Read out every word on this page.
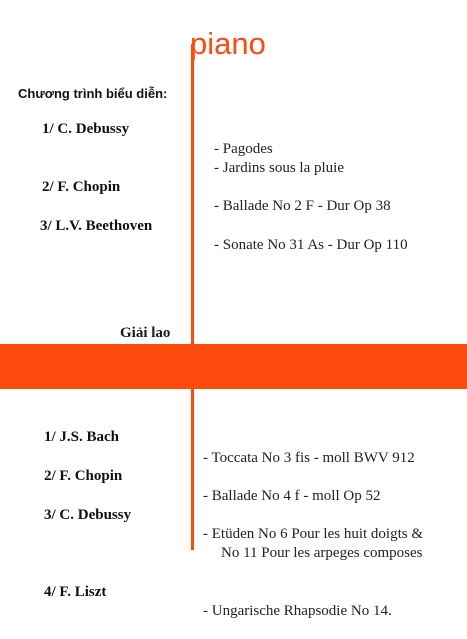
piano
Chương trình biểu diễn:
1/ C. Debussy
2/ F. Chopin
3/ L.V. Beethoven
- Pagodes
- Jardins sous la pluie
- Ballade No 2 F - Dur Op 38
- Sonate No 31 As - Dur Op 110
Giải lao
1/ J.S. Bach
2/ F. Chopin
3/ C. Debussy
4/ F. Liszt
- Toccata No 3 fis - moll BWV 912
- Ballade No 4 f - moll Op 52
- Etüden No 6 Pour les huit doigts &
No 11 Pour les arpeges composes
- Ungarische Rhapsodie No 14.
